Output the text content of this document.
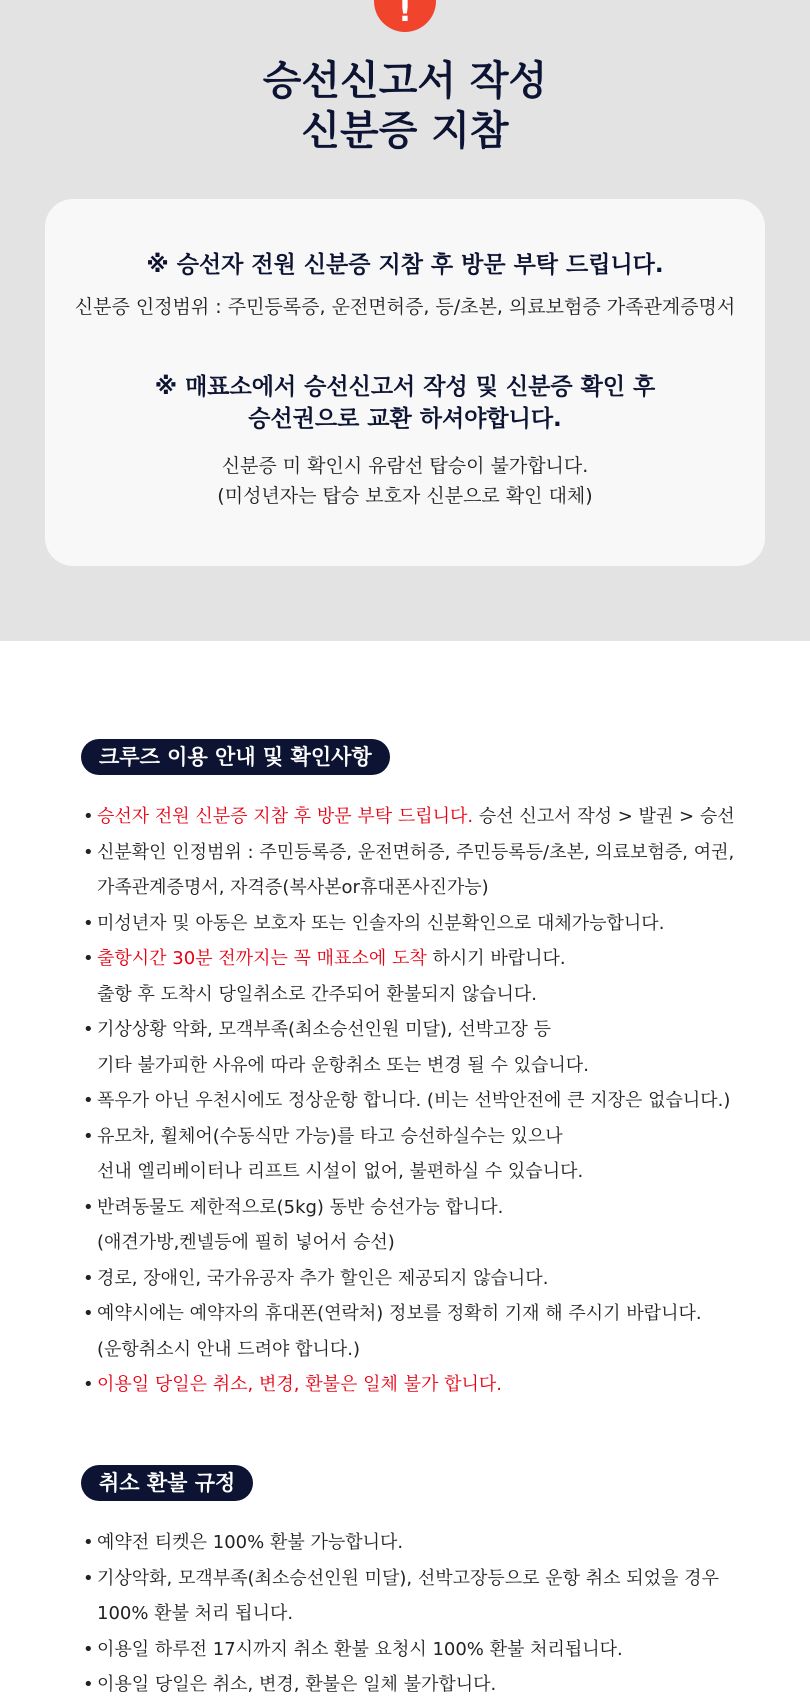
!
승선신고서 작성
신분증 지참
※ 승선자 전원 신분증 지참 후 방문 부탁 드립니다.
신분증 인정범위 : 주민등록증, 운전면허증, 등/초본, 의료보험증 가족관계증명서
※ 매표소에서 승선신고서 작성 및 신분증 확인 후
승선권으로 교환 하셔야합니다.
신분증 미 확인시 유람선 탑승이 불가합니다.
(미성년자는 탑승 보호자 신분으로 확인 대체)
크루즈 이용 안내 및 확인사항
• 승선자 전원 신분증 지참 후 방문 부탁 드립니다. 승선 신고서 작성 > 발권 > 승선
• 신분확인 인정범위 : 주민등록증, 운전면허증, 주민등록등/초본, 의료보험증, 여권,
가족관계증명서, 자격증(복사본or휴대폰사진가능)
• 미성년자 및 아동은 보호자 또는 인솔자의 신분확인으로 대체가능합니다.
• 출항시간 30분 전까지는 꼭 매표소에 도착 하시기 바랍니다.
출항 후 도착시 당일취소로 간주되어 환불되지 않습니다.
• 기상상황 악화, 모객부족(최소승선인원 미달), 선박고장 등
기타 불가피한 사유에 따라 운항취소 또는 변경 될 수 있습니다.
• 폭우가 아닌 우천시에도 정상운항 합니다. (비는 선박안전에 큰 지장은 없습니다.)
• 유모차, 휠체어(수동식만 가능)를 타고 승선하실수는 있으나
선내 엘리베이터나 리프트 시설이 없어, 불편하실 수 있습니다.
• 반려동물도 제한적으로(5kg) 동반 승선가능 합니다.
(애견가방,켄넬등에 필히 넣어서 승선)
• 경로, 장애인, 국가유공자 추가 할인은 제공되지 않습니다.
• 예약시에는 예약자의 휴대폰(연락처) 정보를 정확히 기재 해 주시기 바랍니다.
(운항취소시 안내 드려야 합니다.)
• 이용일 당일은 취소, 변경, 환불은 일체 불가 합니다.
취소 환불 규정
• 예약전 티켓은 100% 환불 가능합니다.
• 기상악화, 모객부족(최소승선인원 미달), 선박고장등으로 운항 취소 되었을 경우
100% 환불 처리 됩니다.
• 이용일 하루전 17시까지 취소 환불 요청시 100% 환불 처리됩니다.
• 이용일 당일은 취소, 변경, 환불은 일체 불가합니다.
